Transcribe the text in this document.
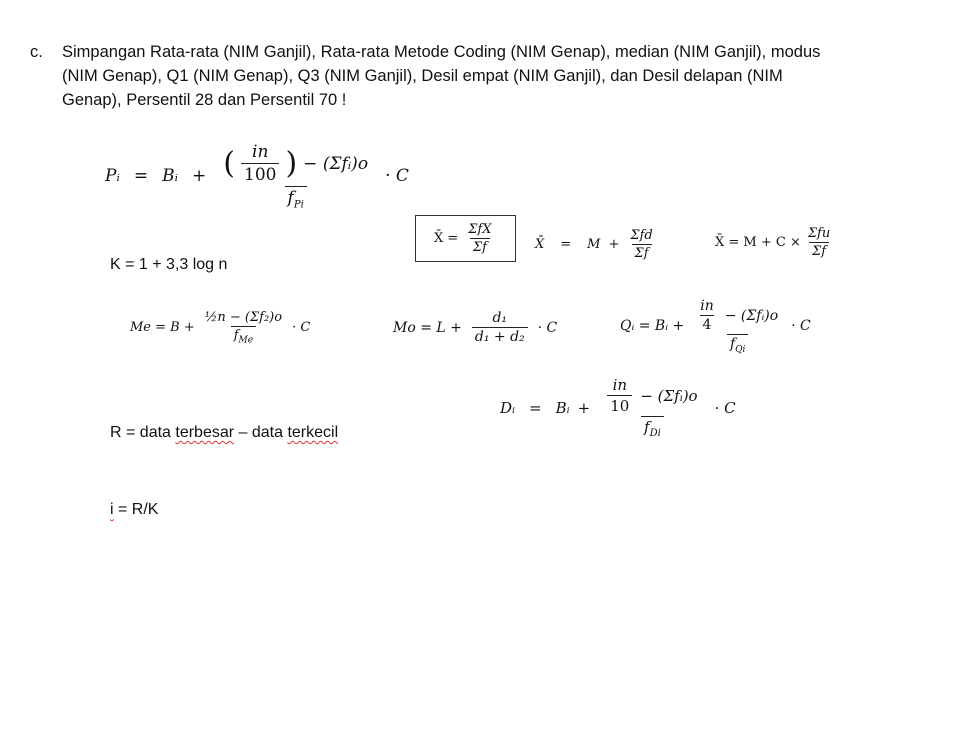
c. Simpangan Rata-rata (NIM Ganjil), Rata-rata Metode Coding (NIM Genap), median (NIM Ganjil), modus
(NIM Genap), Q1 (NIM Genap), Q3 (NIM Ganjil), Desil empat (NIM Ganjil), dan Desil delapan (NIM
Genap), Persentil 28 dan Persentil 70 !
Pᵢ = Bᵢ + $\frac{( \frac{in}{100} ) - (\Sigma fᵢ)o}{f_{Pi}} \cdot C$
X̄ = $\frac{\text{ΣfX}}{\Sigma f}$	X̄ = $M + \frac{\text{Σfd}}{\Sigma f}$	X̄ = $M + C \times \frac{\text{Σfu}}{\Sigma f}$
K = 1 + 3,3 log n
$Me = B + \frac{\text{½n − (Σf₂)o}}{f_{Me}} \cdot C$	$Mo = L + \frac{\text{d₁}}{\text{d₁ + d₂}} \cdot C$	Qᵢ = Bᵢ + $\frac{\frac{in}{4} - (\Sigma fᵢ)o}{f_{Qi}} \cdot C$
Dᵢ = Bᵢ + $\frac{\frac{in}{10} - (\Sigma fᵢ)o}{f_{Di}} \cdot C$
R = data terbesar – data terkecil
i = R/K
